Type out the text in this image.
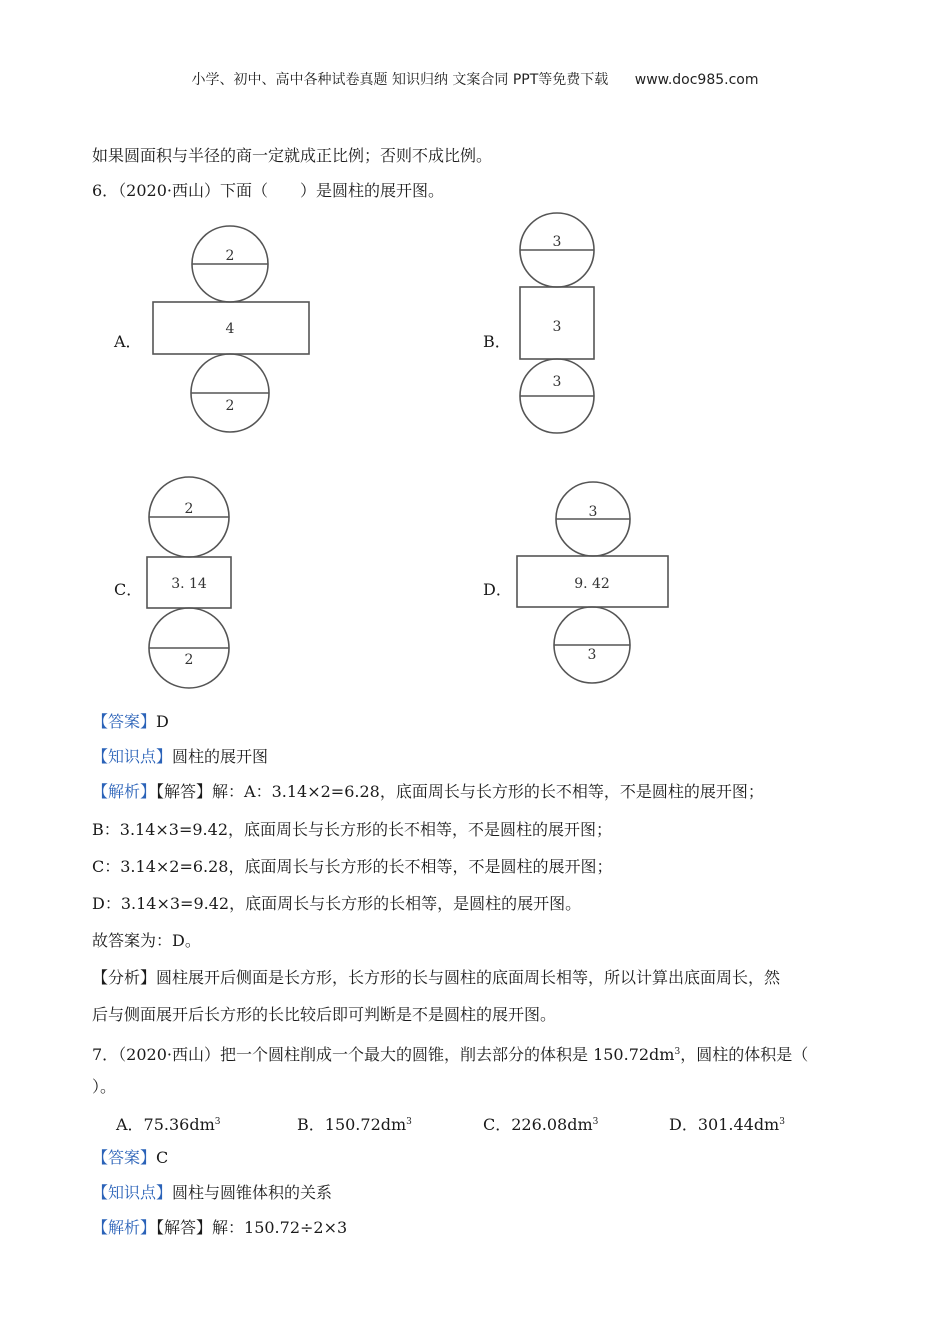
小学、初中、高中各种试卷真题 知识归纳 文案合同 PPT等免费下载 www.doc985.com
如果圆面积与半径的商一定就成正比例；否则不成比例。
6．（2020·西山）下面（　　）是圆柱的展开图。
A．	B．
C．	D．
2
4
2
3
3
3
2
3. 14
2
3
9. 42
3
【答案】D
【知识点】圆柱的展开图
【解析】【解答】解：A：3.14×2=6.28，底面周长与长方形的长不相等，不是圆柱的展开图；
B：3.14×3=9.42，底面周长与长方形的长不相等，不是圆柱的展开图；
C：3.14×2=6.28，底面周长与长方形的长不相等，不是圆柱的展开图；
D：3.14×3=9.42，底面周长与长方形的长相等，是圆柱的展开图。
故答案为：D。
【分析】圆柱展开后侧面是长方形，长方形的长与圆柱的底面周长相等，所以计算出底面周长，然
后与侧面展开后长方形的长比较后即可判断是不是圆柱的展开图。
7．（2020·西山）把一个圆柱削成一个最大的圆锥，削去部分的体积是 $150.72dm^3$，圆柱的体积是（
）。
A．$75.36dm^3$	B．$150.72dm^3$	C．$226.08dm^3$	D．$301.44dm^3$
【答案】C
【知识点】圆柱与圆锥体积的关系
【解析】【解答】解：150.72÷2×3
